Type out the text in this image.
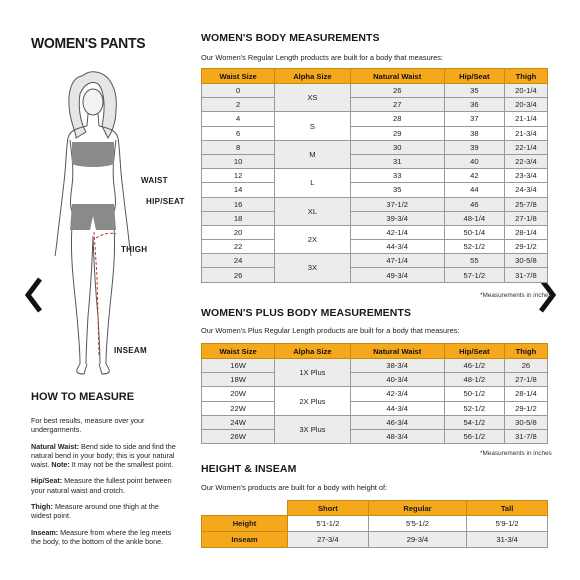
WOMEN'S PANTS
WAIST
HIP/SEAT
THIGH
INSEAM
HOW TO MEASURE

For best results, measure over your undergarments.

Natural Waist: Bend side to side and find the natural bend in your body; this is your natural waist. Note: It may not be the smallest point.

Hip/Seat: Measure the fullest point between your natural waist and crotch.

Thigh: Measure around one thigh at the widest point.

Inseam: Measure from where the leg meets the body, to the bottom of the ankle bone.

WOMEN'S BODY MEASUREMENTS
Our Women's Regular Length products are built for a body that measures:
Waist Size	Alpha Size	Natural Waist	Hip/Seat	Thigh
0	XS	26	35	20-1/4
2		27	36	20-3/4
4	S	28	37	21-1/4
6		29	38	21-3/4
8	M	30	39	22-1/4
10		31	40	22-3/4
12	L	33	42	23-3/4
14		35	44	24-3/4
16	XL	37-1/2	46	25-7/8
18		39-3/4	48-1/4	27-1/8
20	2X	42-1/4	50-1/4	28-1/4
22		44-3/4	52-1/2	29-1/2
24	3X	47-1/4	55	30-5/8
26		49-3/4	57-1/2	31-7/8
*Measurements in inches
WOMEN'S PLUS BODY MEASUREMENTS
Our Women's Plus Regular Length products are built for a body that measures:
Waist Size	Alpha Size	Natural Waist	Hip/Seat	Thigh
16W	1X Plus	38-3/4	46-1/2	26
18W		40-3/4	48-1/2	27-1/8
20W	2X Plus	42-3/4	50-1/2	28-1/4
22W		44-3/4	52-1/2	29-1/2
24W	3X Plus	46-3/4	54-1/2	30-5/8
26W		48-3/4	56-1/2	31-7/8
*Measurements in inches
HEIGHT & INSEAM
Our Women's products are built for a body with height of:
	Short	Regular	Tall
Height	5'1-1/2	5'5-1/2	5'9-1/2
Inseam	27-3/4	29-3/4	31-3/4
